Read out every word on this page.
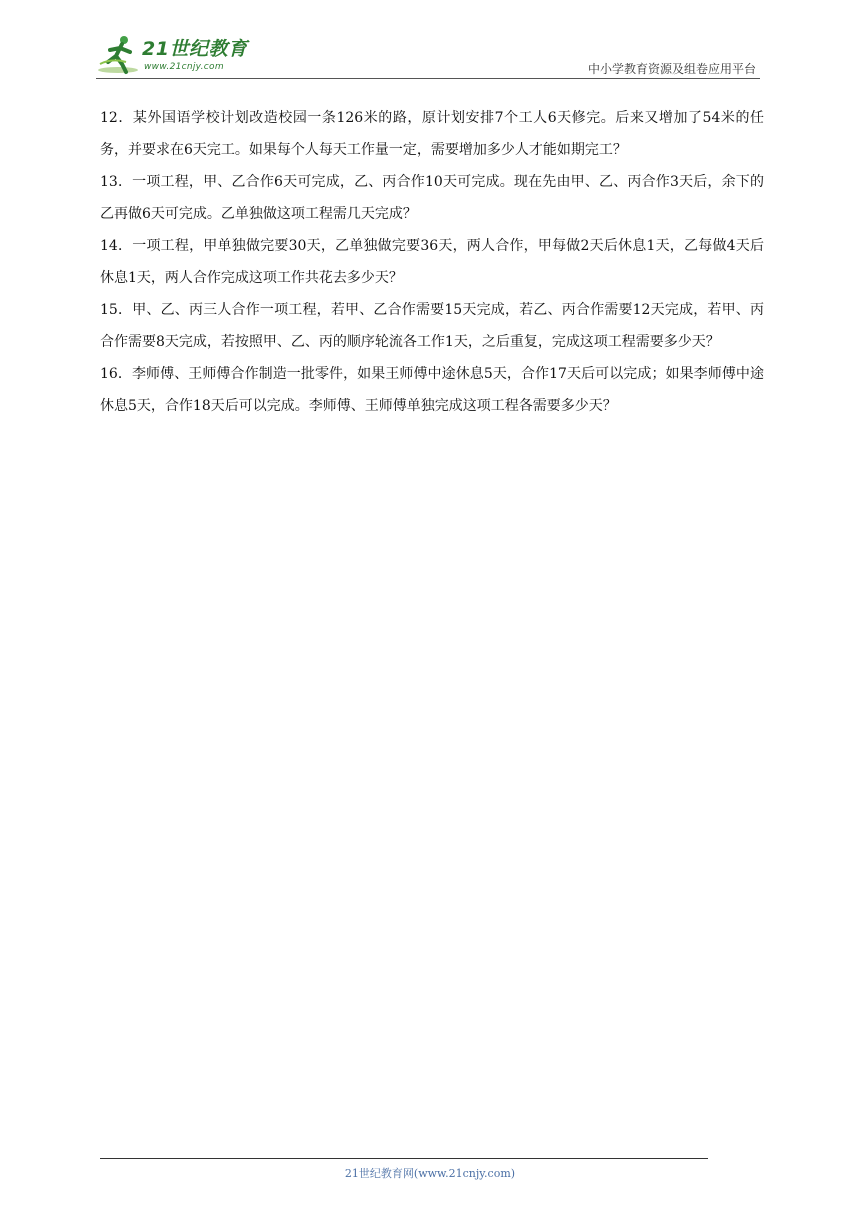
21世纪教育
www.21cnjy.com	中小学教育资源及组卷应用平台

12．某外国语学校计划改造校园一条126米的路，原计划安排7个工人6天修完。后来又增加了54米的任务，并要求在6天完工。如果每个人每天工作量一定，需要增加多少人才能如期完工？

13．一项工程，甲、乙合作6天可完成，乙、丙合作10天可完成。现在先由甲、乙、丙合作3天后，余下的乙再做6天可完成。乙单独做这项工程需几天完成？

14．一项工程，甲单独做完要30天，乙单独做完要36天，两人合作，甲每做2天后休息1天，乙每做4天后休息1天，两人合作完成这项工作共花去多少天？

15．甲、乙、丙三人合作一项工程，若甲、乙合作需要15天完成，若乙、丙合作需要12天完成，若甲、丙合作需要8天完成，若按照甲、乙、丙的顺序轮流各工作1天，之后重复，完成这项工程需要多少天？

16．李师傅、王师傅合作制造一批零件，如果王师傅中途休息5天，合作17天后可以完成；如果李师傅中途休息5天，合作18天后可以完成。李师傅、王师傅单独完成这项工程各需要多少天？

21世纪教育网(www.21cnjy.com)
